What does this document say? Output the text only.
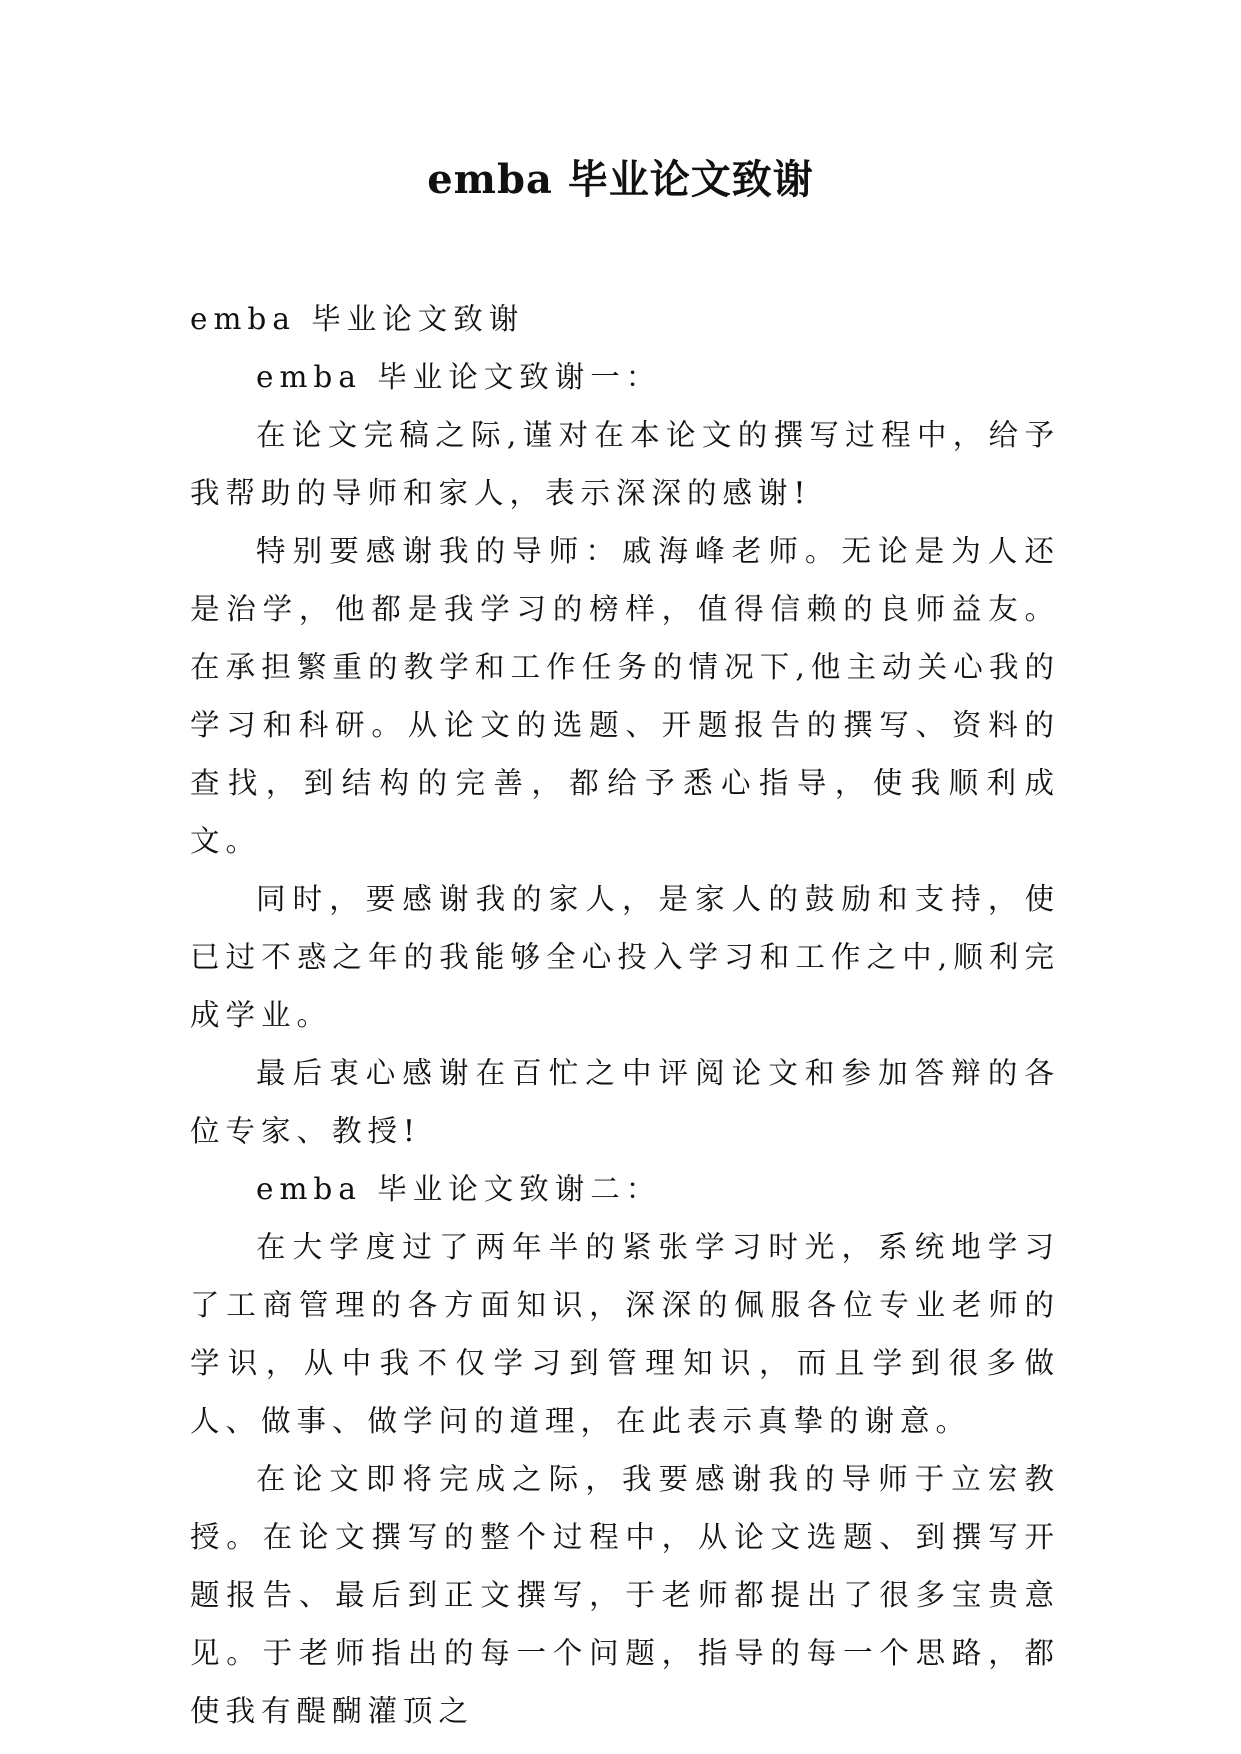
emba 毕业论文致谢

emba 毕业论文致谢

emba 毕业论文致谢一：

在论文完稿之际,谨对在本论文的撰写过程中，给予我帮助的导师和家人，表示深深的感谢!

特别要感谢我的导师：戚海峰老师。无论是为人还是治学，他都是我学习的榜样，值得信赖的良师益友。在承担繁重的教学和工作任务的情况下,他主动关心我的学习和科研。从论文的选题、开题报告的撰写、资料的查找，到结构的完善，都给予悉心指导，使我顺利成文。

同时，要感谢我的家人，是家人的鼓励和支持，使已过不惑之年的我能够全心投入学习和工作之中,顺利完成学业。

最后衷心感谢在百忙之中评阅论文和参加答辩的各位专家、教授!

emba 毕业论文致谢二：

在大学度过了两年半的紧张学习时光，系统地学习了工商管理的各方面知识，深深的佩服各位专业老师的学识，从中我不仅学习到管理知识，而且学到很多做人、做事、做学问的道理，在此表示真挚的谢意。

在论文即将完成之际，我要感谢我的导师于立宏教授。在论文撰写的整个过程中，从论文选题、到撰写开题报告、最后到正文撰写，于老师都提出了很多宝贵意见。于老师指出的每一个问题，指导的每一个思路，都使我有醍醐灌顶之
